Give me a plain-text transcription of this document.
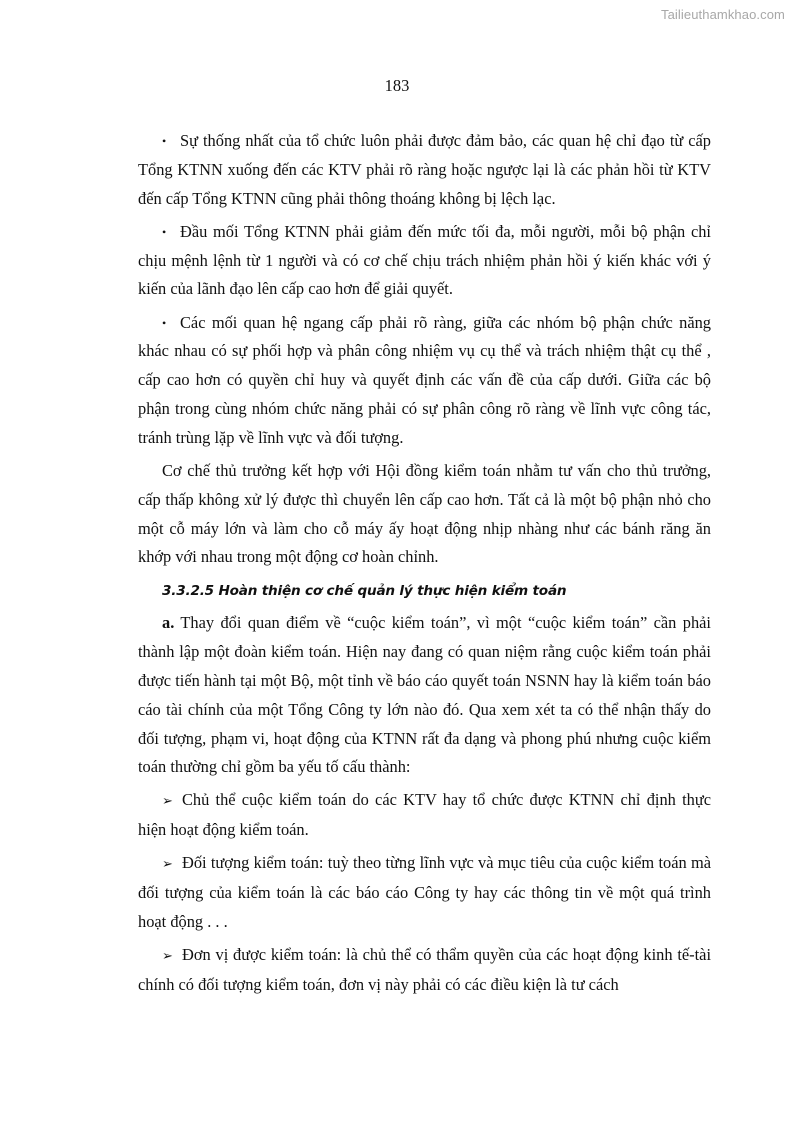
Tailieuthamkhao.com
183

• Sự thống nhất của tổ chức luôn phải được đảm bảo, các quan hệ chỉ đạo từ cấp Tổng KTNN xuống đến các KTV phải rõ ràng hoặc ngược lại là các phản hồi từ KTV đến cấp Tổng KTNN cũng phải thông thoáng không bị lệch lạc.

• Đầu mối Tổng KTNN phải giảm đến mức tối đa, mỗi người, mỗi bộ phận chỉ chịu mệnh lệnh từ 1 người và có cơ chế chịu trách nhiệm phản hồi ý kiến khác với ý kiến của lãnh đạo lên cấp cao hơn để giải quyết.

• Các mối quan hệ ngang cấp phải rõ ràng, giữa các nhóm bộ phận chức năng khác nhau có sự phối hợp và phân công nhiệm vụ cụ thể và trách nhiệm thật cụ thể , cấp cao hơn có quyền chỉ huy và quyết định các vấn đề của cấp dưới. Giữa các bộ phận trong cùng nhóm chức năng phải có sự phân công rõ ràng về lĩnh vực công tác, tránh trùng lặp về lĩnh vực và đối tượng.

Cơ chế thủ trưởng kết hợp với Hội đồng kiểm toán nhằm tư vấn cho thủ trưởng, cấp thấp không xử lý được thì chuyển lên cấp cao hơn. Tất cả là một bộ phận nhỏ cho một cỗ máy lớn và làm cho cỗ máy ấy hoạt động nhịp nhàng như các bánh răng ăn khớp với nhau trong một động cơ hoàn chỉnh.

3.3.2.5 Hoàn thiện cơ chế quản lý thực hiện kiểm toán

a. Thay đổi quan điểm về “cuộc kiểm toán”, vì một “cuộc kiểm toán” cần phải thành lập một đoàn kiểm toán. Hiện nay đang có quan niệm rằng cuộc kiểm toán phải được tiến hành tại một Bộ, một tỉnh về báo cáo quyết toán NSNN hay là kiểm toán báo cáo tài chính của một Tổng Công ty lớn nào đó. Qua xem xét ta có thể nhận thấy do đối tượng, phạm vi, hoạt động của KTNN rất đa dạng và phong phú nhưng cuộc kiểm toán thường chỉ gồm ba yếu tố cấu thành:

➢ Chủ thể cuộc kiểm toán do các KTV hay tổ chức được KTNN chỉ định thực hiện hoạt động kiểm toán.

➢ Đối tượng kiểm toán: tuỳ theo từng lĩnh vực và mục tiêu của cuộc kiểm toán mà đối tượng của kiểm toán là các báo cáo Công ty hay các thông tin về một quá trình hoạt động . . .

➢ Đơn vị được kiểm toán: là chủ thể có thẩm quyền của các hoạt động kinh tế-tài chính có đối tượng kiểm toán, đơn vị này phải có các điều kiện là tư cách
